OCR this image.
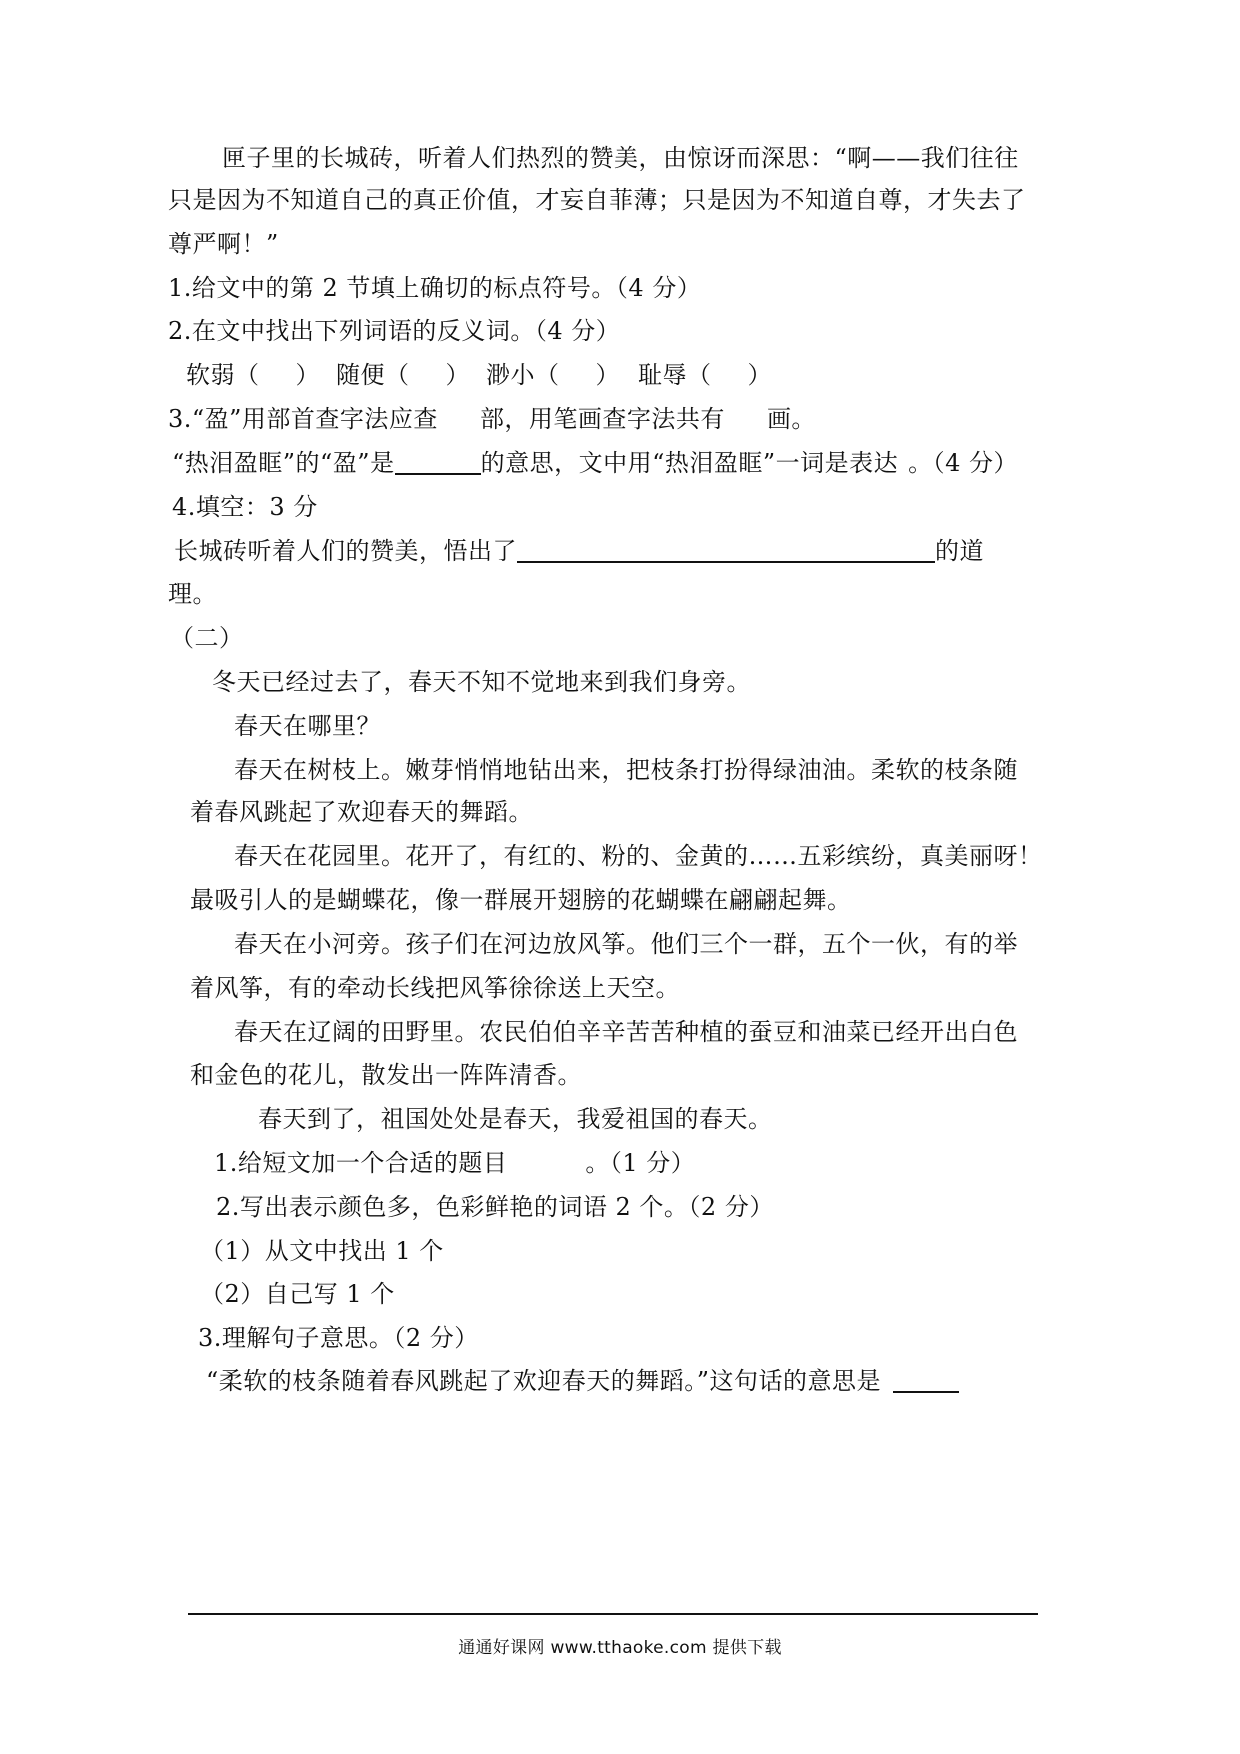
匣子里的长城砖，听着人们热烈的赞美，由惊讶而深思：“啊——我们往往
只是因为不知道自己的真正价值，才妄自菲薄；只是因为不知道自尊，才失去了
尊严啊！”
1.给文中的第 2 节填上确切的标点符号。（4 分）
2.在文中找出下列词语的反义词。（4 分）
软弱（ ） 随便（ ） 渺小（ ） 耻辱（ ）
3.“盈”用部首查字法应查 部，用笔画查字法共有 画。
“热泪盈眶”的“盈”是	的意思，文中用“热泪盈眶”一词是表达 。（4 分）
4.填空：3 分
长城砖听着人们的赞美，悟出了	的道
理。
（二）
冬天已经过去了，春天不知不觉地来到我们身旁。
春天在哪里？
春天在树枝上。嫩芽悄悄地钻出来，把枝条打扮得绿油油。柔软的枝条随
着春风跳起了欢迎春天的舞蹈。
春天在花园里。花开了，有红的、粉的、金黄的……五彩缤纷，真美丽呀！
最吸引人的是蝴蝶花，像一群展开翅膀的花蝴蝶在翩翩起舞。
春天在小河旁。孩子们在河边放风筝。他们三个一群，五个一伙，有的举
着风筝，有的牵动长线把风筝徐徐送上天空。
春天在辽阔的田野里。农民伯伯辛辛苦苦种植的蚕豆和油菜已经开出白色
和金色的花儿，散发出一阵阵清香。
春天到了，祖国处处是春天，我爱祖国的春天。
1.给短文加一个合适的题目	。（1 分）
2.写出表示颜色多，色彩鲜艳的词语 2 个。（2 分）
（1）从文中找出 1 个
（2）自己写 1 个
3.理解句子意思。（2 分）
“柔软的枝条随着春风跳起了欢迎春天的舞蹈。”这句话的意思是
通通好课网 www.tthaoke.com 提供下载
